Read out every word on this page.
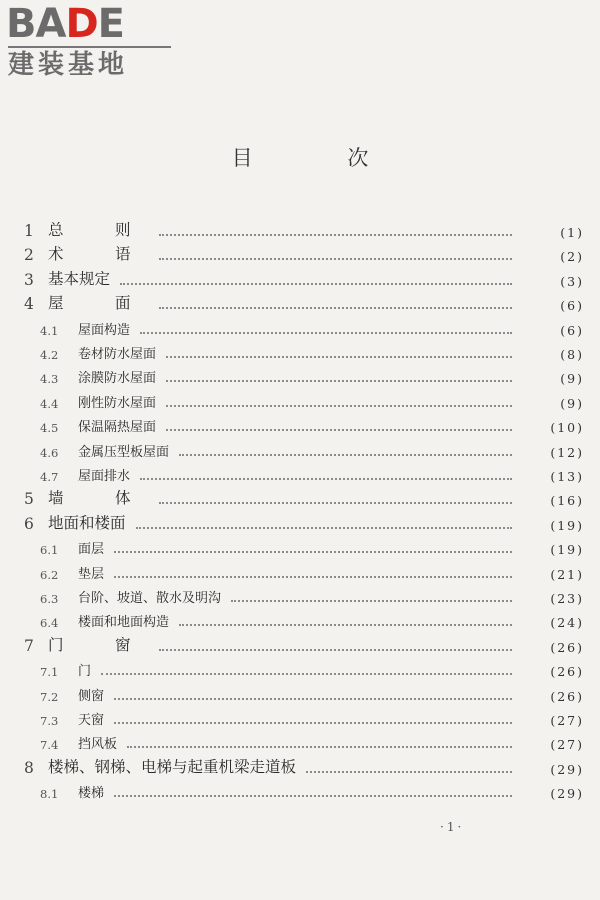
BADE
建装基地
目 次
1 总　则	(1)
2 术　语	(2)
3 基本规定	(3)
4 屋　面	(6)
4.1	屋面构造	(6)
4.2	卷材防水屋面	(8)
4.3	涂膜防水屋面	(9)
4.4	刚性防水屋面	(9)
4.5	保温隔热屋面	(10)
4.6	金属压型板屋面	(12)
4.7	屋面排水	(13)
5 墙　体	(16)
6 地面和楼面	(19)
6.1	面层	(19)
6.2	垫层	(21)
6.3	台阶、坡道、散水及明沟	(23)
6.4	楼面和地面构造	(24)
7 门　窗	(26)
7.1	门	(26)
7.2	侧窗	(26)
7.3	天窗	(27)
7.4	挡风板	(27)
8 楼梯、钢梯、电梯与起重机梁走道板	(29)
8.1	楼梯	(29)
·1·
